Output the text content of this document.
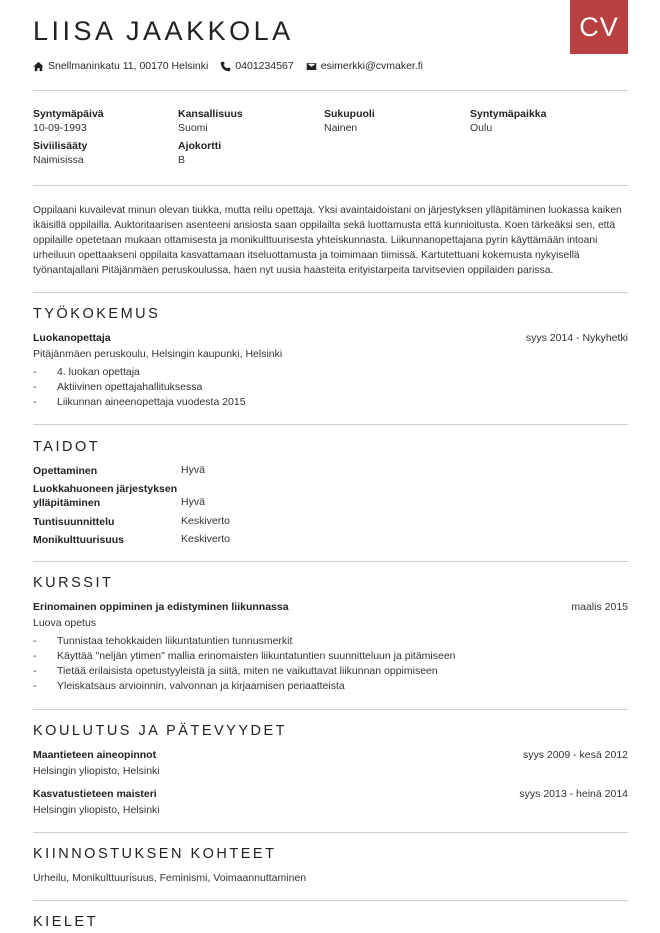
LIISA JAAKKOLA	CV
Snellmaninkatu 11, 00170 Helsinki	0401234567	esimerkki@cvmaker.fi
Syntymäpäivä
10-09-1993
Kansallisuus
Suomi
Sukupuoli
Nainen
Syntymäpaikka
Oulu
Siviilisääty
Naimisissa
Ajokortti
B
Oppilaani kuvailevat minun olevan tiukka, mutta reilu opettaja. Yksi avaintaidoistani on järjestyksen ylläpitäminen luokassa kaiken ikäisillä oppilailla. Auktoritaarisen asenteeni ansiosta saan oppilailta sekä luottamusta että kunnioitusta. Koen tärkeäksi sen, että oppilaille opetetaan mukaan ottamisesta ja monikulttuurisesta yhteiskunnasta. Liikunnanopettajana pyrin käyttämään intoani urheiluun opettaakseni oppilaita kasvattamaan itseluottamusta ja toimimaan tiimissä. Kartutettuani kokemusta nykyisellä työnantajallani Pitäjänmäen peruskoulussa, haen nyt uusia haasteita erityistarpeita tarvitsevien oppilaiden parissa.
TYÖKOKEMUS
Luokanopettaja	syys 2014 - Nykyhetki
Pitäjänmäen peruskoulu, Helsingin kaupunki, Helsinki
- 4. luokan opettaja
- Aktiivinen opettajahallituksessa
- Liikunnan aineenopettaja vuodesta 2015
TAIDOT
Opettaminen	Hyvä
Luokkahuoneen järjestyksen ylläpitäminen	Hyvä
Tuntisuunnittelu	Keskiverto
Monikulttuurisuus	Keskiverto
KURSSIT
Erinomainen oppiminen ja edistyminen liikunnassa	maalis 2015
Luova opetus
- Tunnistaa tehokkaiden liikuntatuntien tunnusmerkit
- Käyttää "neljän ytimen" mallia erinomaisten liikuntatuntien suunnitteluun ja pitämiseen
- Tietää erilaisista opetustyyleistä ja siitä, miten ne vaikuttavat liikunnan oppimiseen
- Yleiskatsaus arvioinnin, valvonnan ja kirjaamisen periaatteista
KOULUTUS JA PÄTEVYYDET
Maantieteen aineopinnot	syys 2009 - kesä 2012
Helsingin yliopisto, Helsinki
Kasvatustieteen maisteri	syys 2013 - heinä 2014
Helsingin yliopisto, Helsinki
KIINNOSTUKSEN KOHTEET
Urheilu, Monikulttuurisuus, Feminismi, Voimaannuttaminen
KIELET
